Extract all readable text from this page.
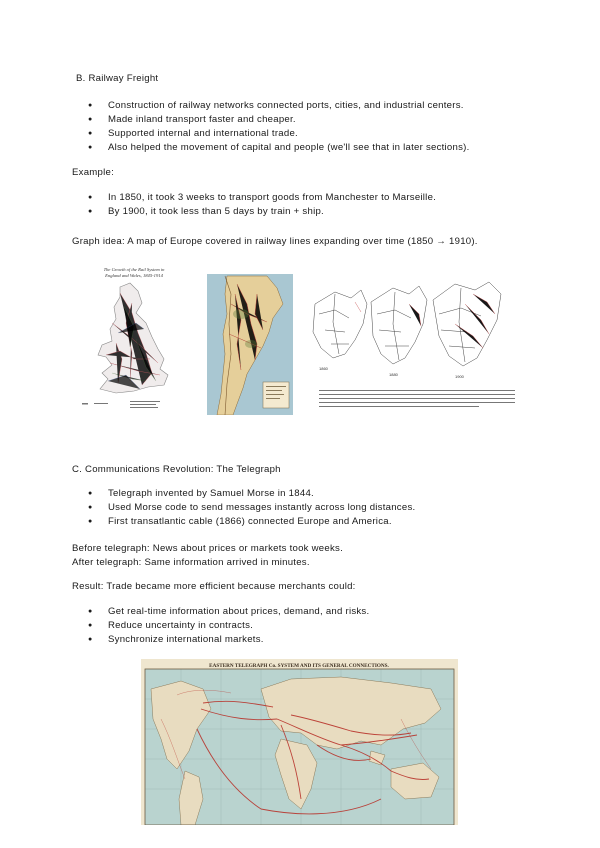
B. Railway Freight
● Construction of railway networks connected ports, cities, and industrial centers.
● Made inland transport faster and cheaper.
● Supported internal and international trade.
● Also helped the movement of capital and people (we'll see that in later sections).
Example:
● In 1850, it took 3 weeks to transport goods from Manchester to Marseille.
● By 1900, it took less than 5 days by train + ship.
Graph idea: A map of Europe covered in railway lines expanding over time (1850 → 1910).
The Growth of the Rail System in
England and Wales, 1845-1914
1860
1880	1900
C. Communications Revolution: The Telegraph
● Telegraph invented by Samuel Morse in 1844.
● Used Morse code to send messages instantly across long distances.
● First transatlantic cable (1866) connected Europe and America.
Before telegraph: News about prices or markets took weeks.
After telegraph: Same information arrived in minutes.
Result: Trade became more efficient because merchants could:
● Get real-time information about prices, demand, and risks.
● Reduce uncertainty in contracts.
● Synchronize international markets.
EASTERN TELEGRAPH Co. SYSTEM AND ITS GENERAL CONNECTIONS.
